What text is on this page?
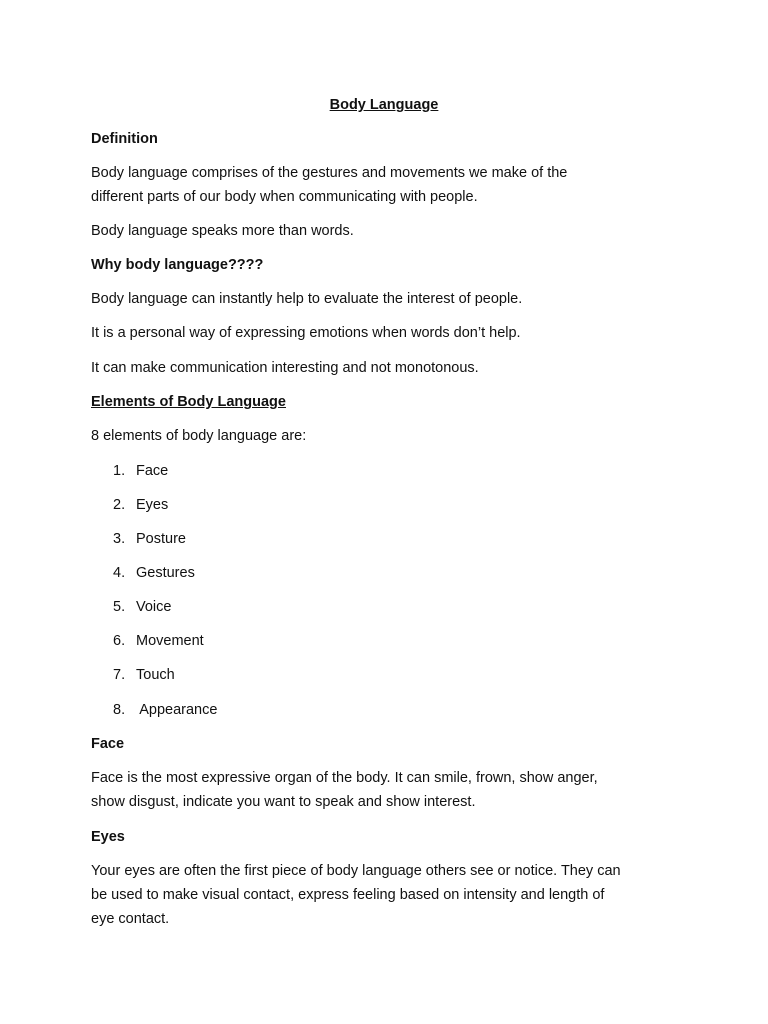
Body Language
Definition
Body language comprises of the gestures and movements we make of the
different parts of our body when communicating with people.
Body language speaks more than words.
Why body language????
Body language can instantly help to evaluate the interest of people.
It is a personal way of expressing emotions when words don’t help.
It can make communication interesting and not monotonous.
Elements of Body Language
8 elements of body language are:
1. Face
2. Eyes
3. Posture
4. Gestures
5. Voice
6. Movement
7. Touch
8. Appearance
Face
Face is the most expressive organ of the body. It can smile, frown, show anger,
show disgust, indicate you want to speak and show interest.
Eyes
Your eyes are often the first piece of body language others see or notice. They can
be used to make visual contact, express feeling based on intensity and length of
eye contact.
